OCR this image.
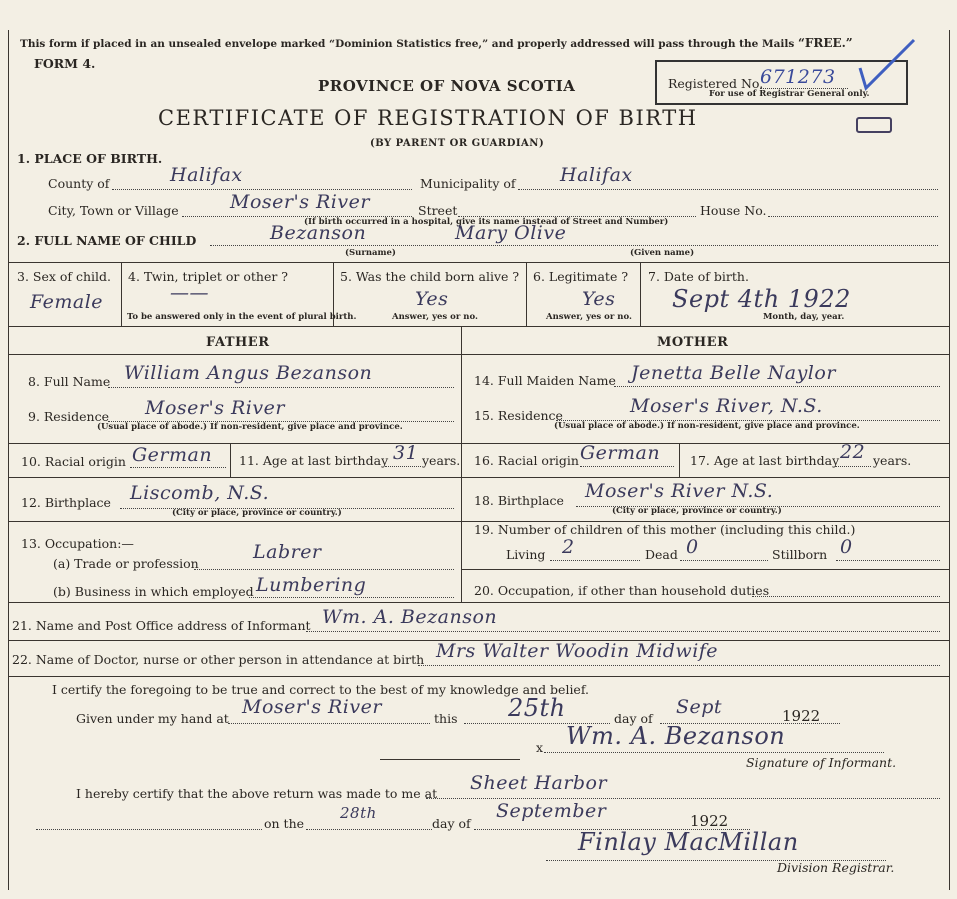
This form if placed in an unsealed envelope marked “Dominion Statistics free,” and properly addressed will pass through the Mails “FREE.”
FORM 4.
PROVINCE OF NOVA SCOTIA
CERTIFICATE OF REGISTRATION OF BIRTH
(BY PARENT OR GUARDIAN)
Registered No.
671273
For use of Registrar General only.
1. PLACE OF BIRTH.
County of	Halifax	Municipality of Halifax
City, Town or Village	Moser's River	Street	House No.
(If birth occurred in a hospital, give its name instead of Street and Number)
2. FULL NAME OF CHILD	Bezanson	Mary Olive
(Surname)	(Given name)
3. Sex of child.
Female
4. Twin, triplet or other ?
——
To be answered only in the event of plural birth.
5. Was the child born alive ?
Yes
Answer, yes or no.
6. Legitimate ?
Yes
Answer, yes or no.
7. Date of birth.
Sept 4th 1922
Month, day, year.
FATHER	MOTHER
8. Full Name William Angus Bezanson
9. Residence Moser's River
(Usual place of abode.) If non-resident, give place and province.
10. Racial origin German 11. Age at last birthday 31 years.
12. Birthplace Liscomb, N.S.
(City or place, province or country.)
13. Occupation:—
(a) Trade or profession
Labrer
(b) Business in which employed Lumbering
14. Full Maiden Name Jenetta Belle Naylor
15. Residence	Moser's River, N.S.
(Usual place of abode.) If non-resident, give place and province.
16. Racial origin German 17. Age at last birthday 22 years.
18. Birthplace Moser's River N.S.
(City or place, province or country.)
19. Number of children of this mother (including this child.)
Living 2	Dead 0	Stillborn 0
20. Occupation, if other than household duties
21. Name and Post Office address of Informant Wm. A. Bezanson
22. Name of Doctor, nurse or other person in attendance at birth Mrs Walter Woodin Midwife
I certify the foregoing to be true and correct to the best of my knowledge and belief.
Given under my hand at
Moser's River
this 25th	day of
Sept	1922
x Wm. A. Bezanson
Signature of Informant.
I hereby certify that the above return was made to me at Sheet Harbor
on the
28th
day of
September	1922
Finlay MacMillan
Division Registrar.
